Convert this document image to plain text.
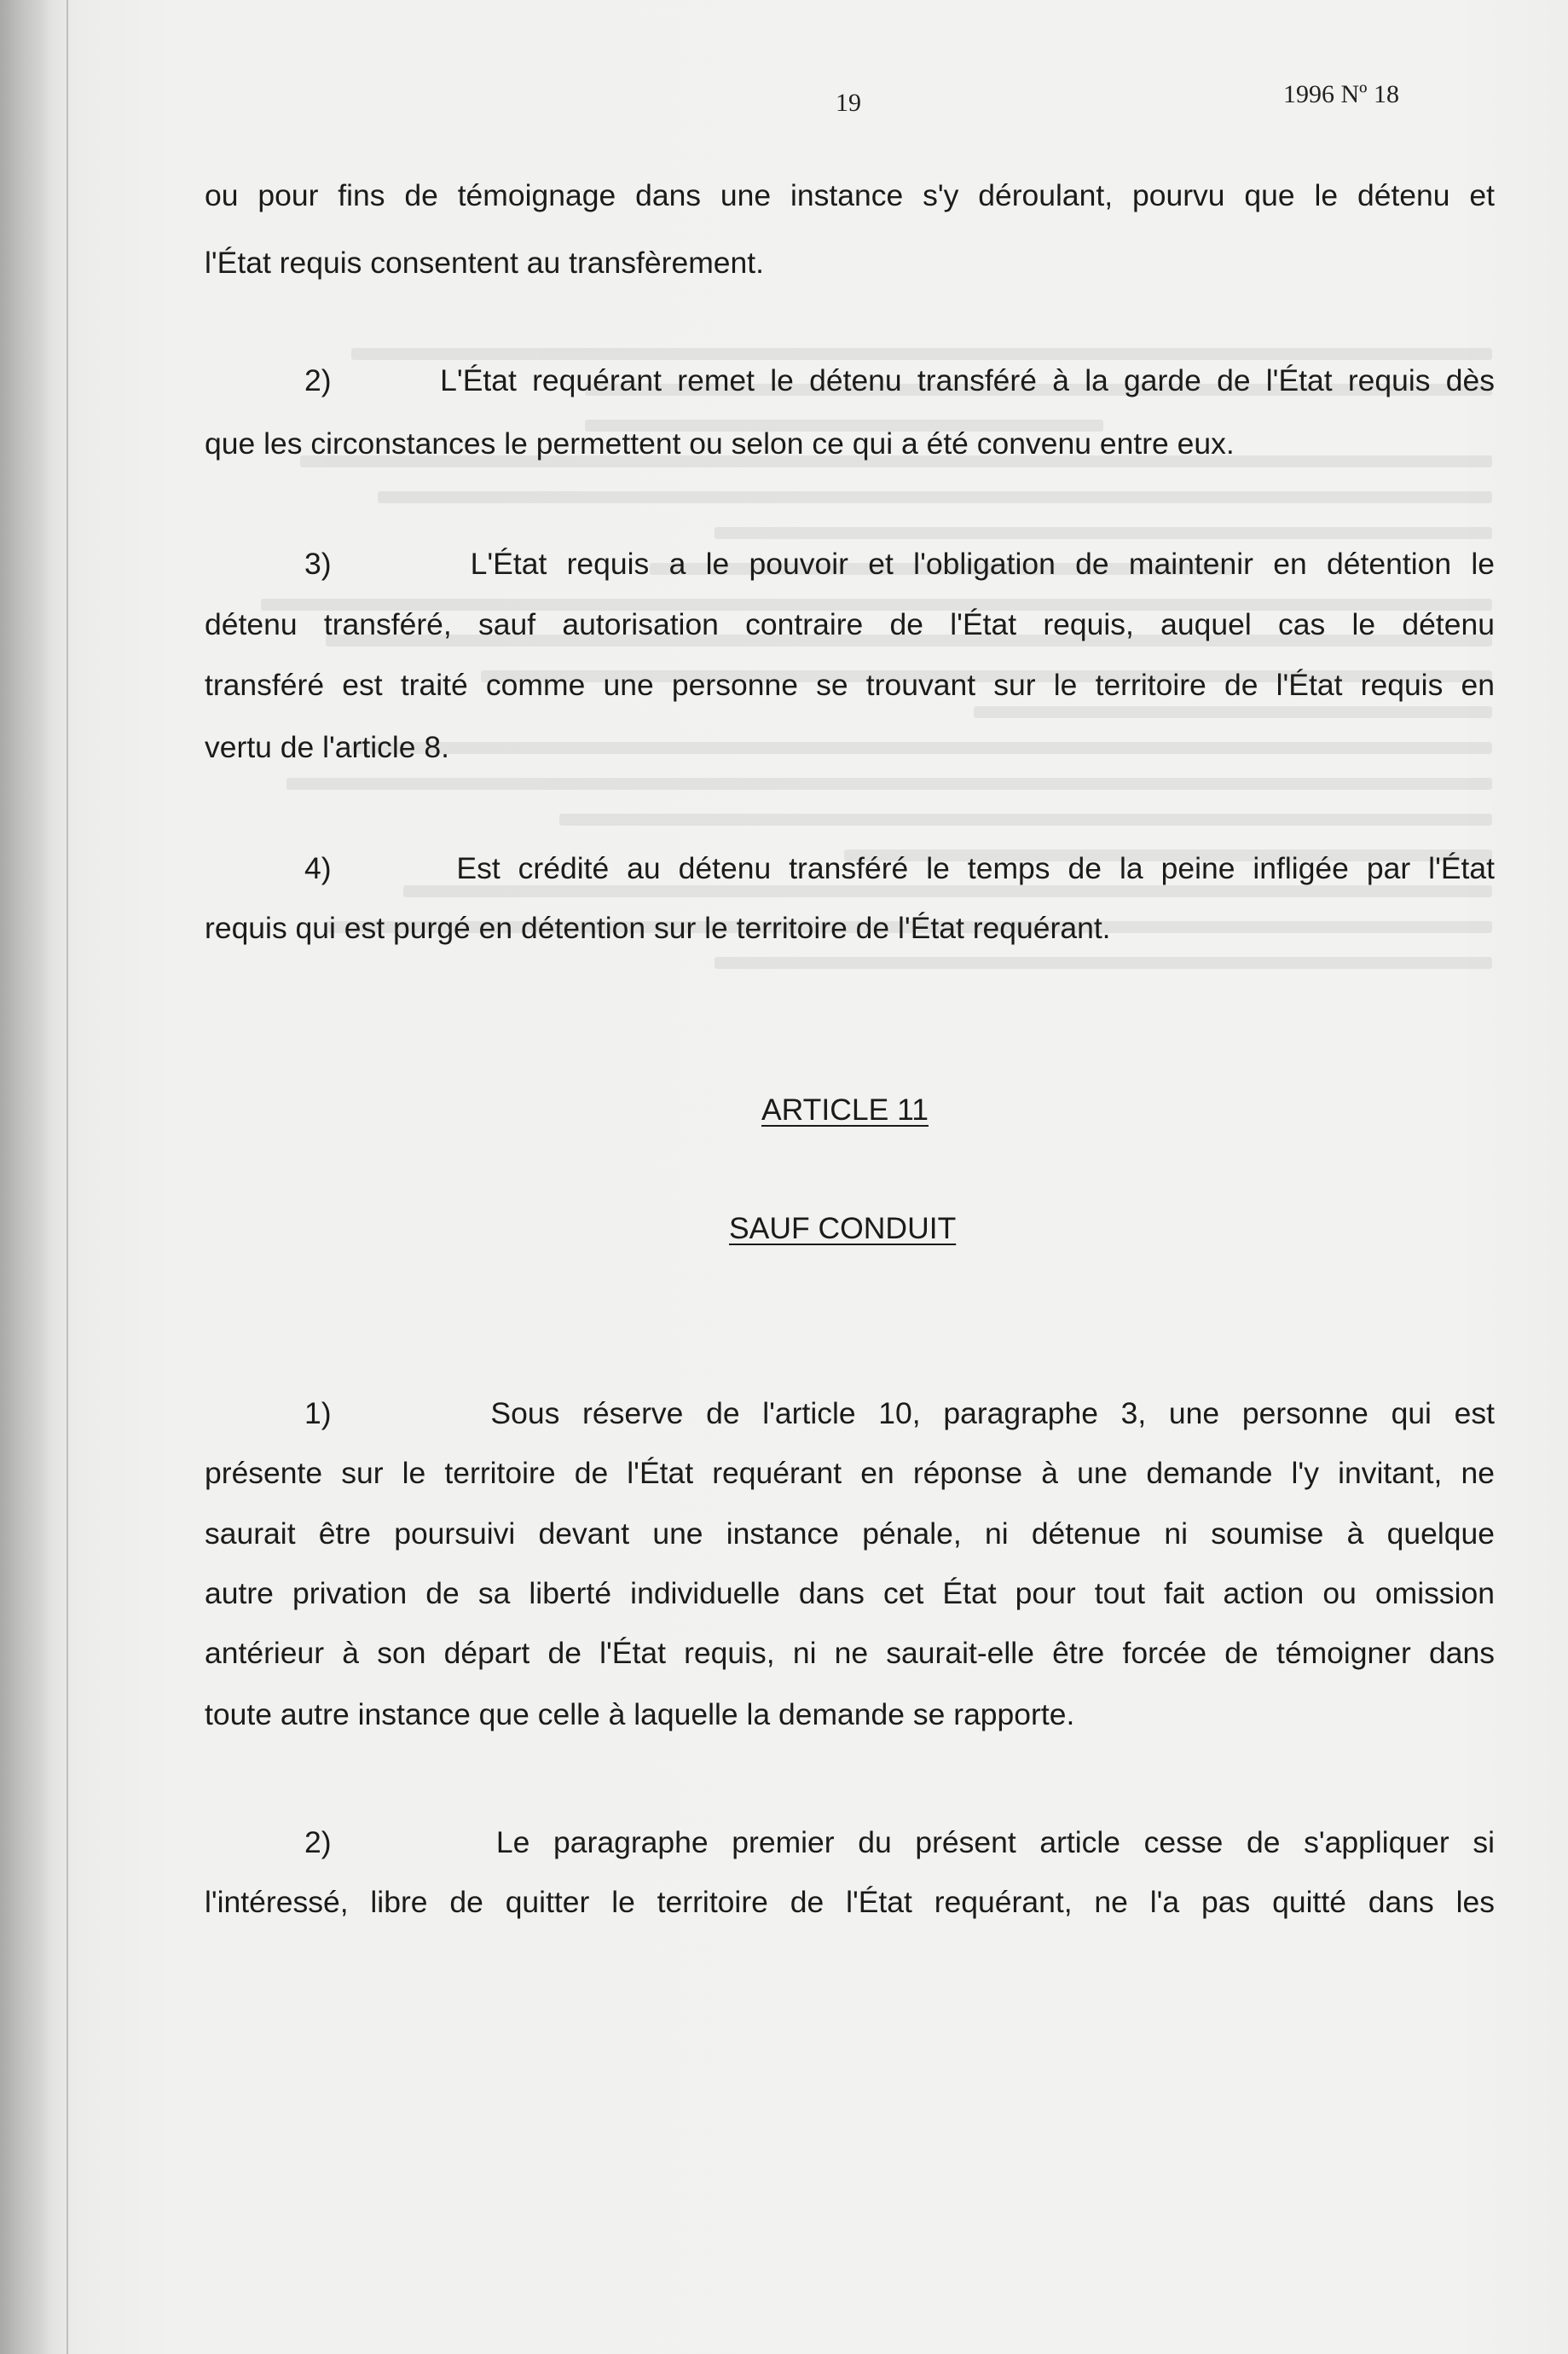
19	1996 Nº 18
ou pour fins de témoignage dans une instance s'y déroulant, pourvu que le détenu et
l'État requis consentent au transfèrement.
2)       L'État requérant remet le détenu transféré à la garde de l'État requis dès
que les circonstances le permettent ou selon ce qui a été convenu entre eux.
3)       L'État requis a le pouvoir et l'obligation de maintenir en détention le
détenu transféré, sauf autorisation contraire de l'État requis, auquel cas le détenu
transféré est traité comme une personne se trouvant sur le territoire de l'État requis en
vertu de l'article 8.
4)       Est crédité au détenu transféré le temps de la peine infligée par l'État
requis qui est purgé en détention sur le territoire de l'État requérant.
ARTICLE 11
SAUF CONDUIT
1)       Sous réserve de l'article 10, paragraphe 3, une personne qui est
présente sur le territoire de l'État requérant en réponse à une demande l'y invitant, ne
saurait être poursuivi devant une instance pénale, ni détenue ni soumise à quelque
autre privation de sa liberté individuelle dans cet État pour tout fait action ou omission
antérieur à son départ de l'État requis, ni ne saurait-elle être forcée de témoigner dans
toute autre instance que celle à laquelle la demande se rapporte.
2)       Le paragraphe premier du présent article cesse de s'appliquer si
l'intéressé, libre de quitter le territoire de l'État requérant, ne l'a pas quitté dans les
